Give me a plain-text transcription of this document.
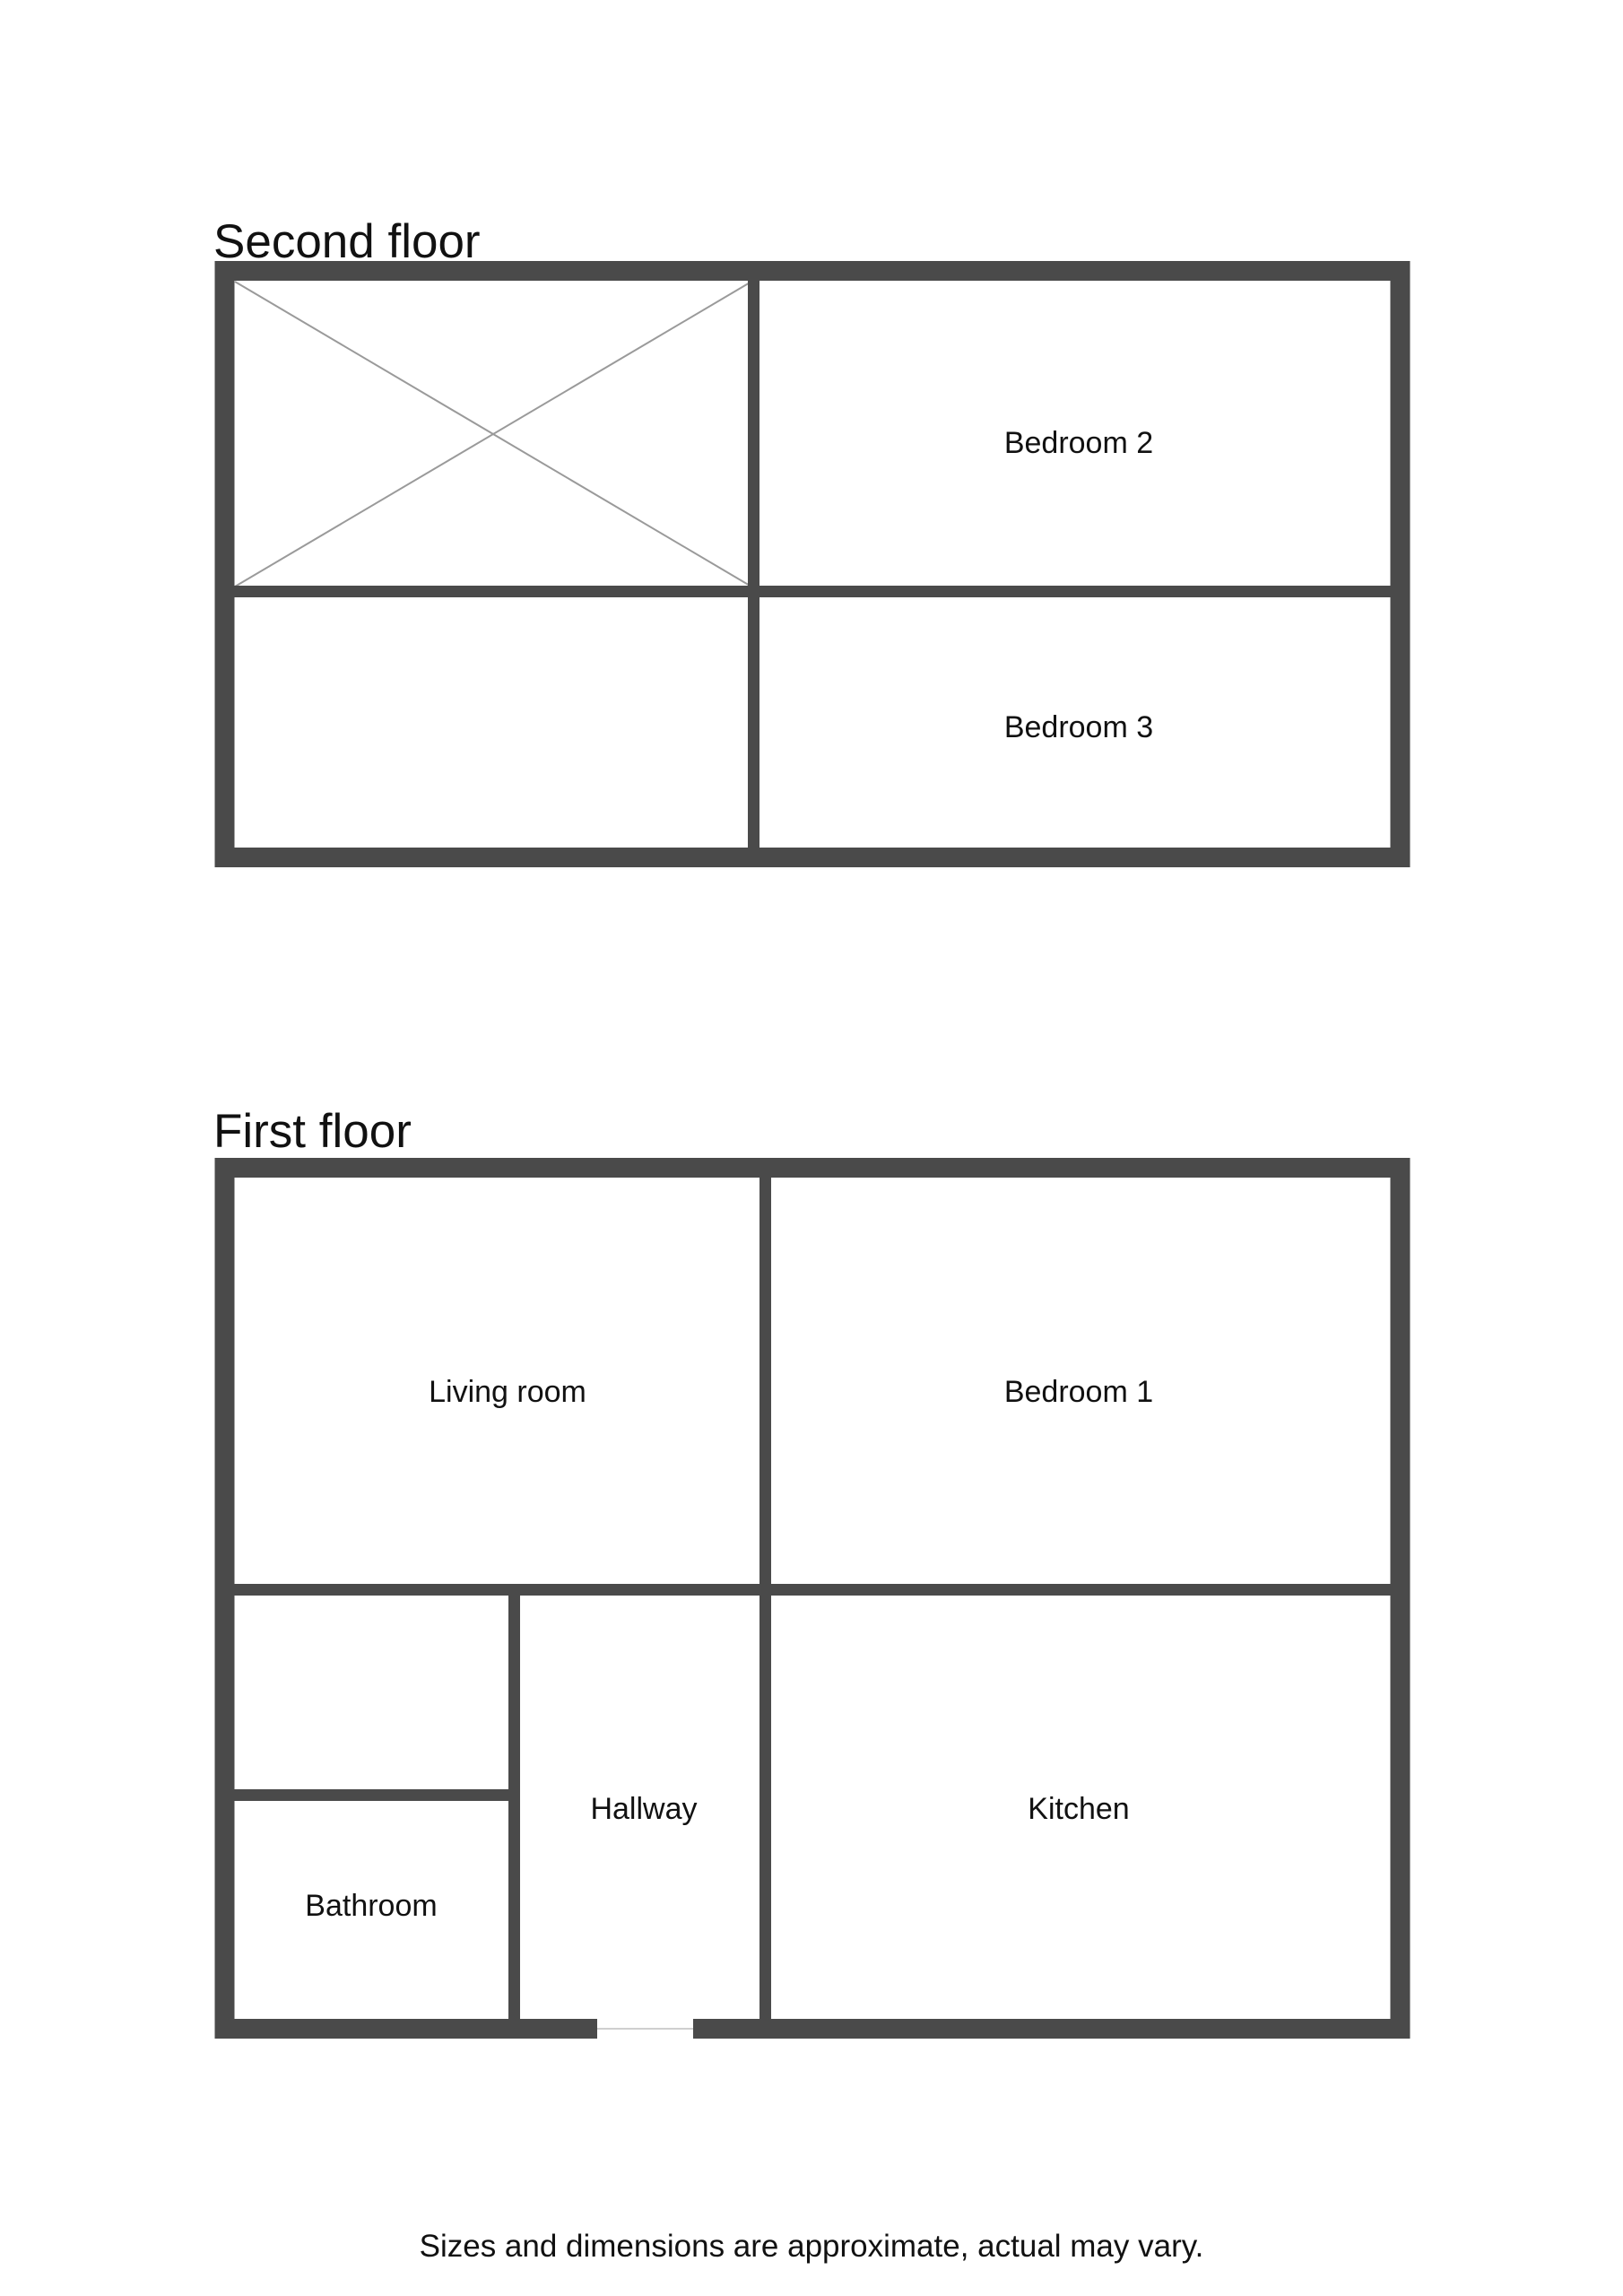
Second floor
First floor
Bedroom 2
Bedroom 3
Living room	Bedroom 1
Hallway	Kitchen
Bathroom
Sizes and dimensions are approximate, actual may vary.
